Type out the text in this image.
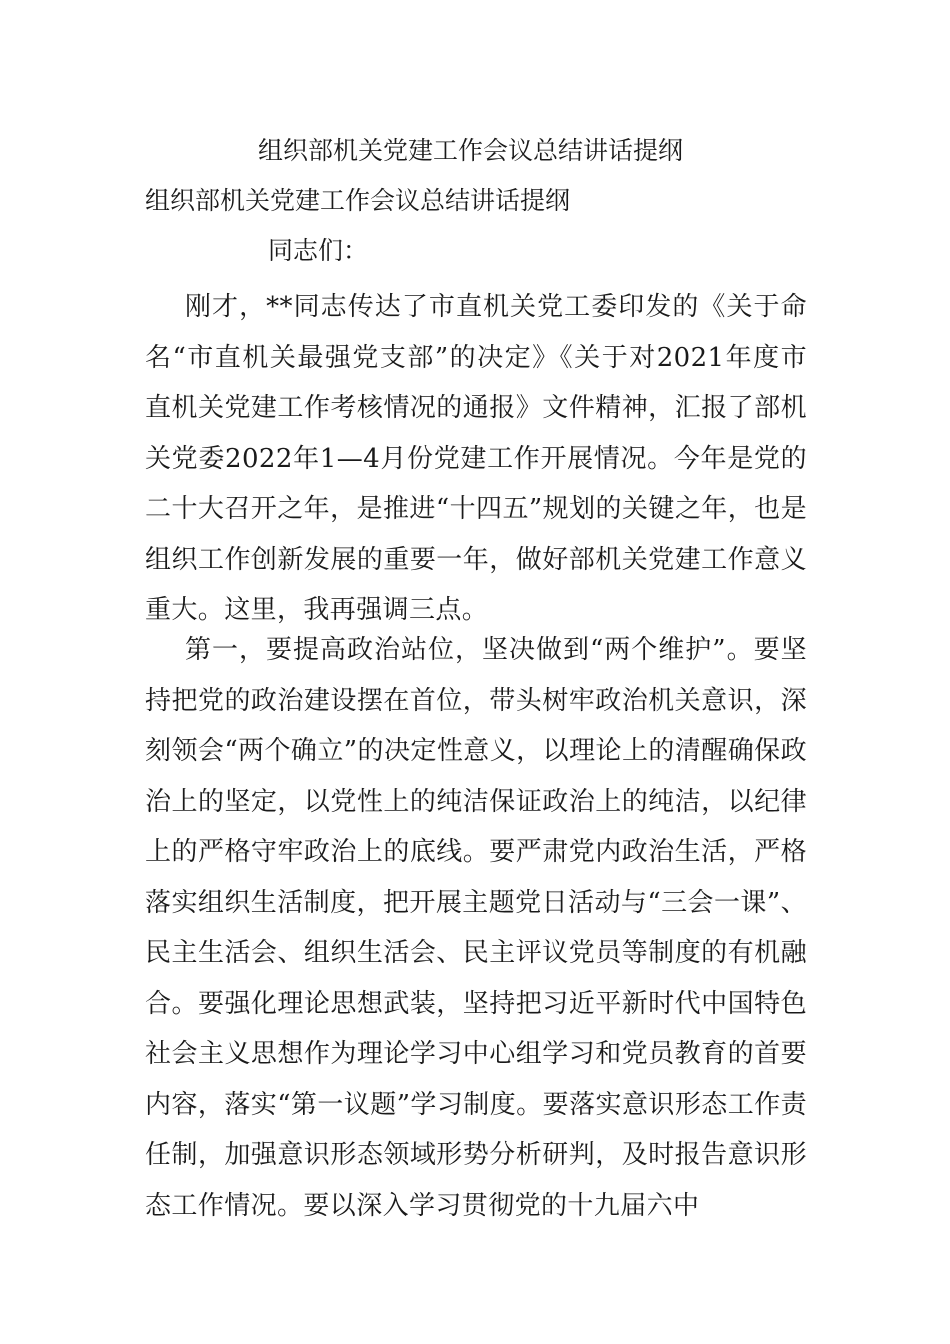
组织部机关党建工作会议总结讲话提纲
组织部机关党建工作会议总结讲话提纲
同志们：

刚才，**同志传达了市直机关党工委印发的《关于命名“市直机关最强党支部”的决定》《关于对2021年度市直机关党建工作考核情况的通报》文件精神，汇报了部机关党委2022年1—4月份党建工作开展情况。今年是党的二十大召开之年，是推进“十四五”规划的关键之年，也是组织工作创新发展的重要一年，做好部机关党建工作意义重大。这里，我再强调三点。

第一，要提高政治站位，坚决做到“两个维护”。要坚持把党的政治建设摆在首位，带头树牢政治机关意识，深刻领会“两个确立”的决定性意义，以理论上的清醒确保政治上的坚定，以党性上的纯洁保证政治上的纯洁，以纪律上的严格守牢政治上的底线。要严肃党内政治生活，严格落实组织生活制度，把开展主题党日活动与“三会一课”、民主生活会、组织生活会、民主评议党员等制度的有机融合。要强化理论思想武装，坚持把习近平新时代中国特色社会主义思想作为理论学习中心组学习和党员教育的首要内容，落实“第一议题”学习制度。要落实意识形态工作责任制，加强意识形态领域形势分析研判，及时报告意识形态工作情况。要以深入学习贯彻党的十九届六中
